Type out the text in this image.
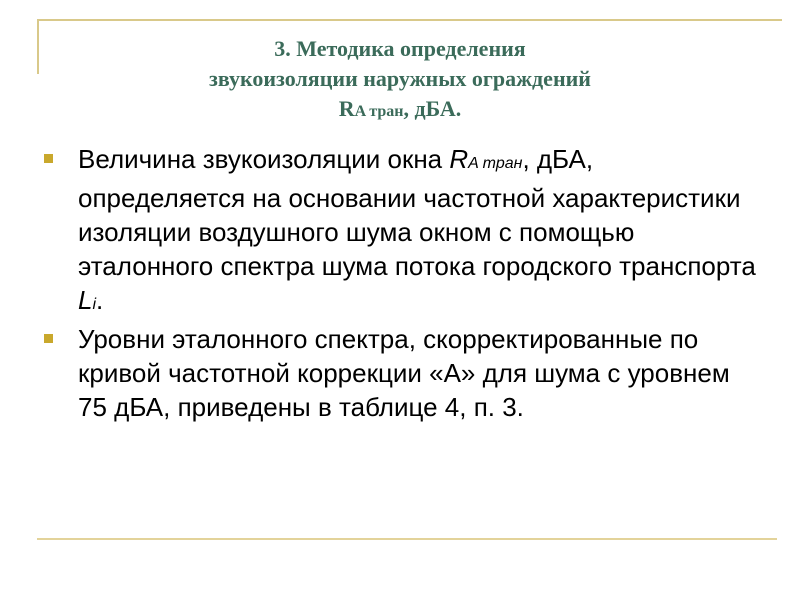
3. Методика определения
звукоизоляции наружных ограждений
RA тран, дБА.
Величина звукоизоляции окна RA тран, дБА, определяется на основании частотной характеристики изоляции воздушного шума окном с помощью эталонного спектра шума потока городского транспорта Li.
Уровни эталонного спектра, скорректированные по кривой частотной коррекции «А» для шума с уровнем 75 дБА, приведены в таблице 4, п. 3.
